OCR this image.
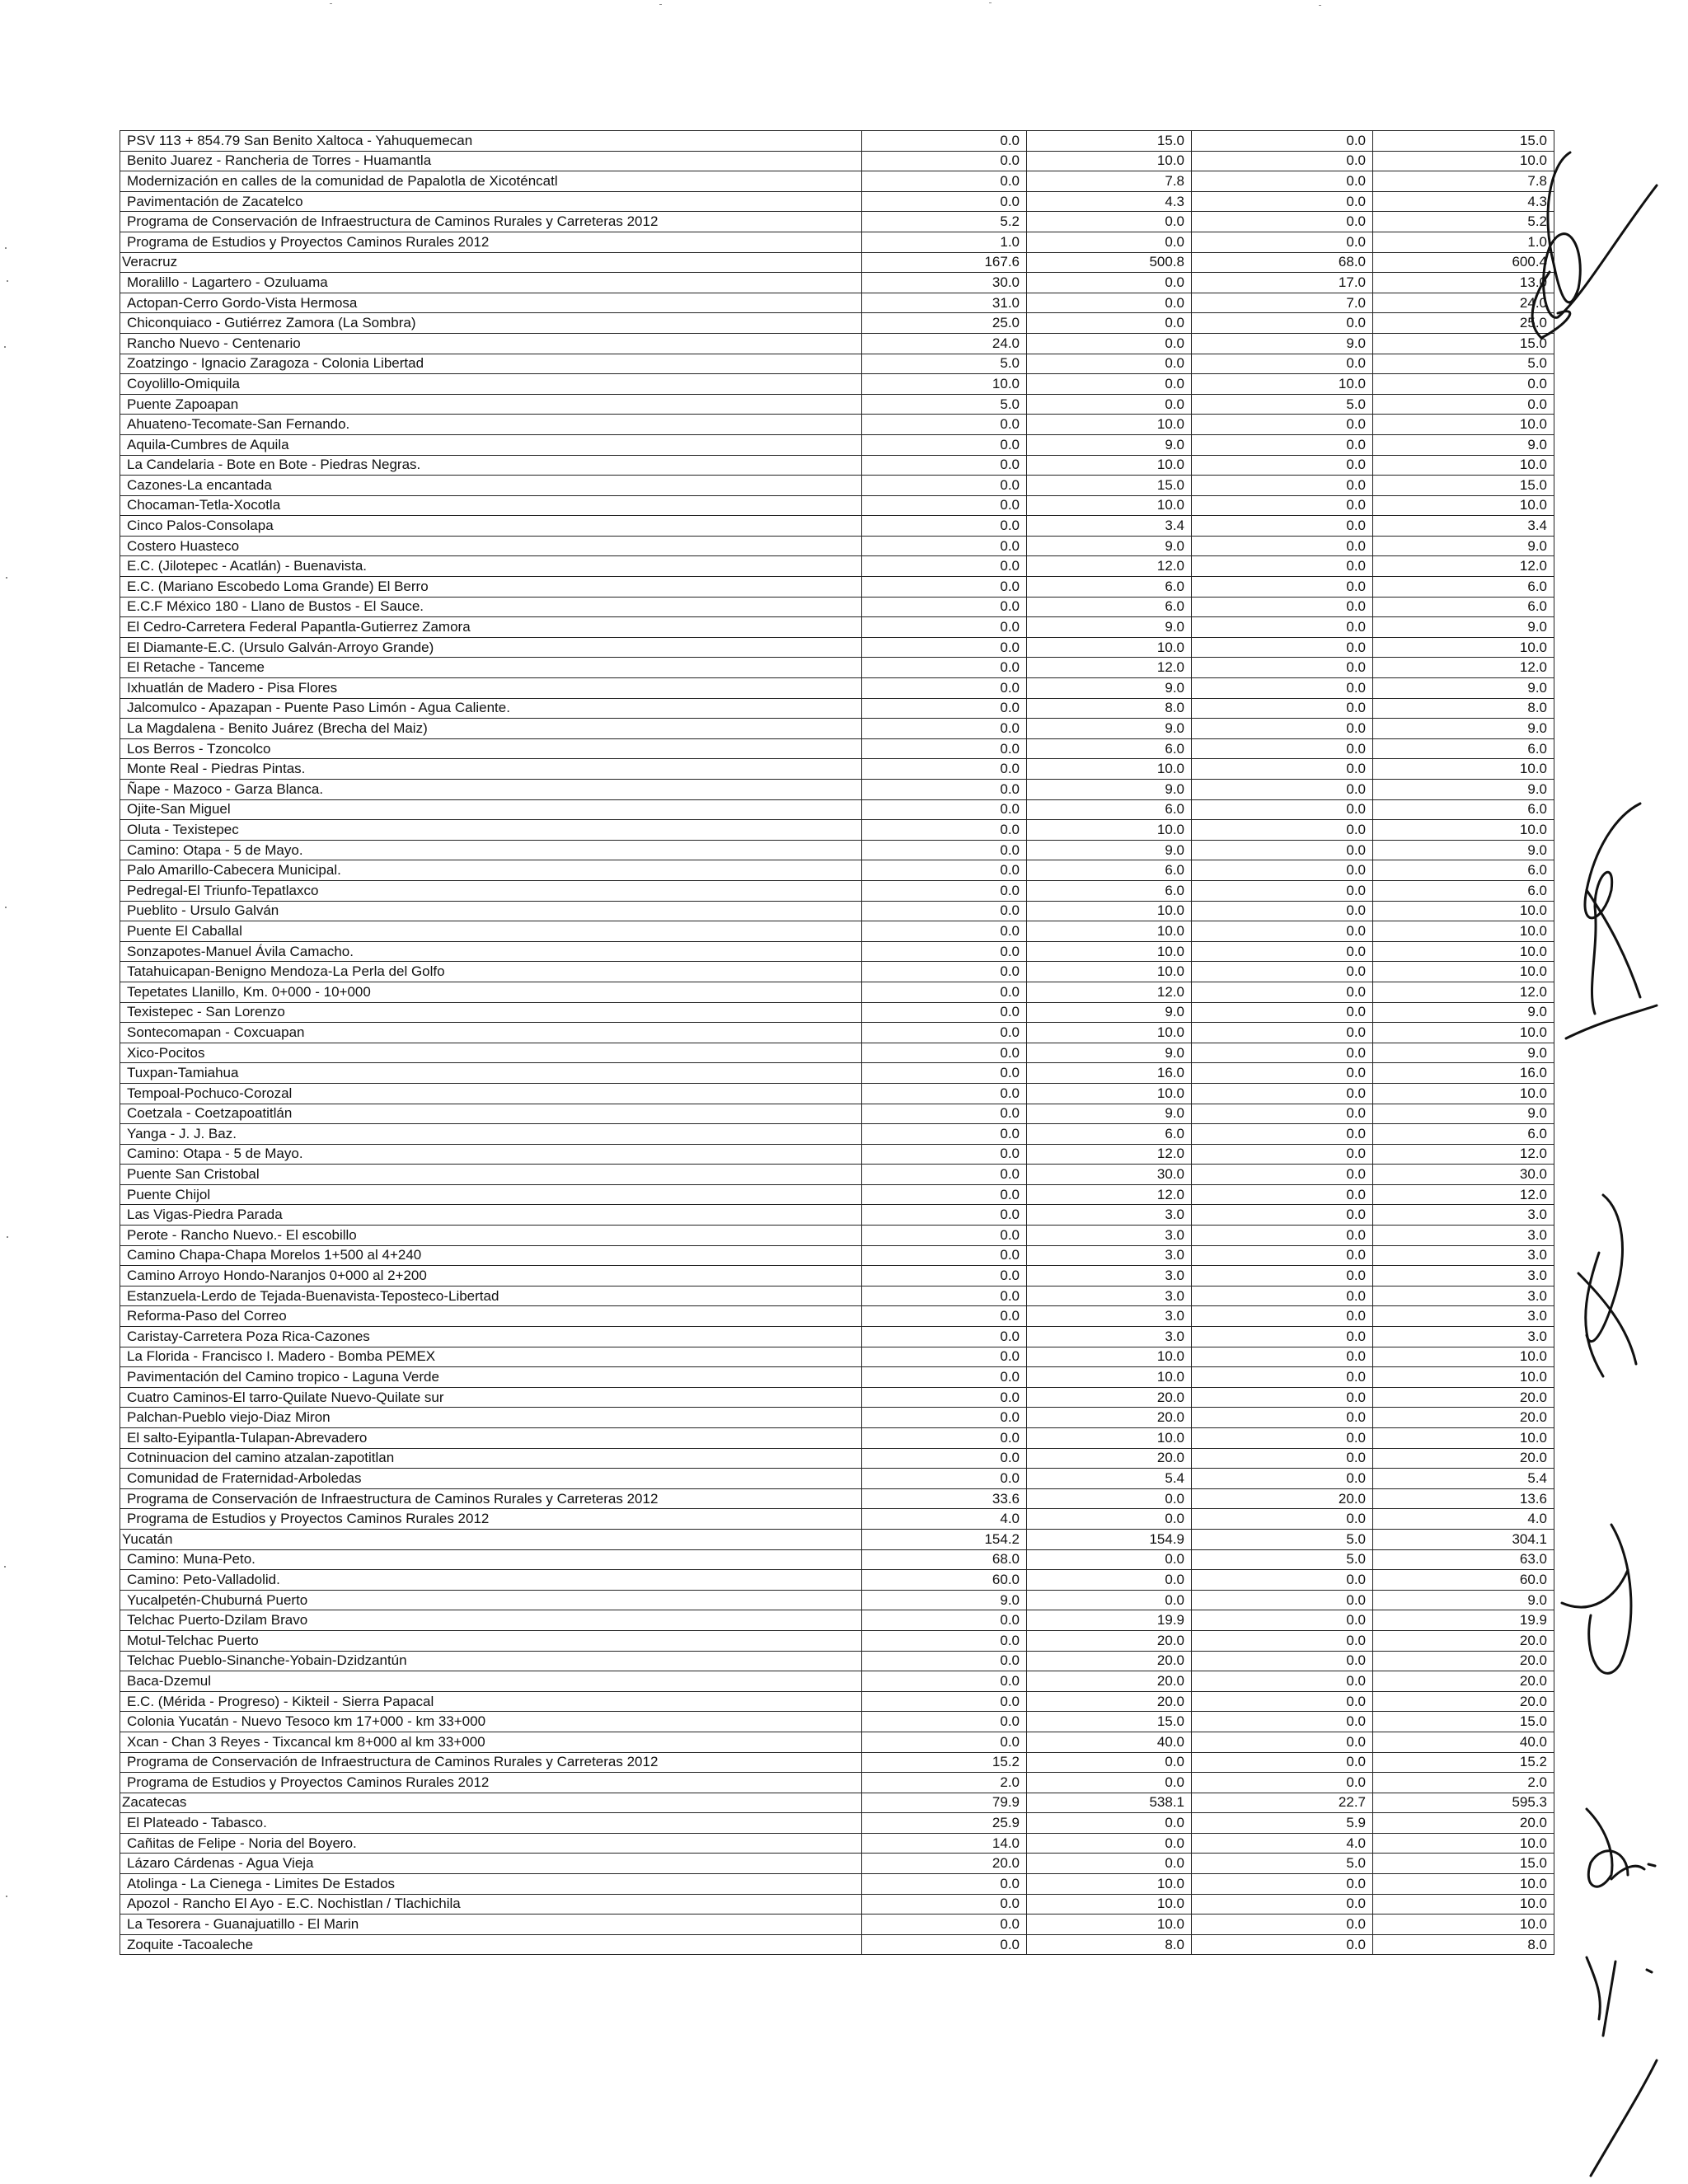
PSV 113 + 854.79 San Benito Xaltoca - Yahuquemecan	0.0	15.0	0.0	15.0
Benito Juarez - Rancheria de Torres - Huamantla	0.0	10.0	0.0	10.0
Modernización en calles de la comunidad de Papalotla de Xicoténcatl	0.0	7.8	0.0	7.8
Pavimentación de Zacatelco	0.0	4.3	0.0	4.3
Programa de Conservación de Infraestructura de Caminos Rurales y Carreteras 2012	5.2	0.0	0.0	5.2
Programa de Estudios y Proyectos Caminos Rurales 2012	1.0	0.0	0.0	1.0
Veracruz	167.6	500.8	68.0	600.4
Moralillo - Lagartero - Ozuluama	30.0	0.0	17.0	13.0
Actopan-Cerro Gordo-Vista Hermosa	31.0	0.0	7.0	24.0
Chiconquiaco - Gutiérrez Zamora (La Sombra)	25.0	0.0	0.0	25.0
Rancho Nuevo - Centenario	24.0	0.0	9.0	15.0
Zoatzingo - Ignacio Zaragoza - Colonia Libertad	5.0	0.0	0.0	5.0
Coyolillo-Omiquila	10.0	0.0	10.0	0.0
Puente Zapoapan	5.0	0.0	5.0	0.0
Ahuateno-Tecomate-San Fernando.	0.0	10.0	0.0	10.0
Aquila-Cumbres de Aquila	0.0	9.0	0.0	9.0
La Candelaria - Bote en Bote - Piedras Negras.	0.0	10.0	0.0	10.0
Cazones-La encantada	0.0	15.0	0.0	15.0
Chocaman-Tetla-Xocotla	0.0	10.0	0.0	10.0
Cinco Palos-Consolapa	0.0	3.4	0.0	3.4
Costero Huasteco	0.0	9.0	0.0	9.0
E.C. (Jilotepec - Acatlán) - Buenavista.	0.0	12.0	0.0	12.0
E.C. (Mariano Escobedo Loma Grande) El Berro	0.0	6.0	0.0	6.0
E.C.F México 180 - Llano de Bustos - El Sauce.	0.0	6.0	0.0	6.0
El Cedro-Carretera Federal Papantla-Gutierrez Zamora	0.0	9.0	0.0	9.0
El Diamante-E.C. (Ursulo Galván-Arroyo Grande)	0.0	10.0	0.0	10.0
El Retache - Tanceme	0.0	12.0	0.0	12.0
Ixhuatlán de Madero - Pisa Flores	0.0	9.0	0.0	9.0
Jalcomulco - Apazapan - Puente Paso Limón - Agua Caliente.	0.0	8.0	0.0	8.0
La Magdalena - Benito Juárez (Brecha del Maiz)	0.0	9.0	0.0	9.0
Los Berros - Tzoncolco	0.0	6.0	0.0	6.0
Monte Real - Piedras Pintas.	0.0	10.0	0.0	10.0
Ñape - Mazoco - Garza Blanca.	0.0	9.0	0.0	9.0
Ojite-San Miguel	0.0	6.0	0.0	6.0
Oluta - Texistepec	0.0	10.0	0.0	10.0
Camino: Otapa - 5 de Mayo.	0.0	9.0	0.0	9.0
Palo Amarillo-Cabecera Municipal.	0.0	6.0	0.0	6.0
Pedregal-El Triunfo-Tepatlaxco	0.0	6.0	0.0	6.0
Pueblito - Ursulo Galván	0.0	10.0	0.0	10.0
Puente El Caballal	0.0	10.0	0.0	10.0
Sonzapotes-Manuel Ávila Camacho.	0.0	10.0	0.0	10.0
Tatahuicapan-Benigno Mendoza-La Perla del Golfo	0.0	10.0	0.0	10.0
Tepetates Llanillo, Km. 0+000 - 10+000	0.0	12.0	0.0	12.0
Texistepec - San Lorenzo	0.0	9.0	0.0	9.0
Sontecomapan - Coxcuapan	0.0	10.0	0.0	10.0
Xico-Pocitos	0.0	9.0	0.0	9.0
Tuxpan-Tamiahua	0.0	16.0	0.0	16.0
Tempoal-Pochuco-Corozal	0.0	10.0	0.0	10.0
Coetzala - Coetzapoatitlán	0.0	9.0	0.0	9.0
Yanga - J. J. Baz.	0.0	6.0	0.0	6.0
Camino: Otapa - 5 de Mayo.	0.0	12.0	0.0	12.0
Puente San Cristobal	0.0	30.0	0.0	30.0
Puente Chijol	0.0	12.0	0.0	12.0
Las Vigas-Piedra Parada	0.0	3.0	0.0	3.0
Perote - Rancho Nuevo.- El escobillo	0.0	3.0	0.0	3.0
Camino Chapa-Chapa Morelos 1+500 al 4+240	0.0	3.0	0.0	3.0
Camino Arroyo Hondo-Naranjos 0+000 al 2+200	0.0	3.0	0.0	3.0
Estanzuela-Lerdo de Tejada-Buenavista-Teposteco-Libertad	0.0	3.0	0.0	3.0
Reforma-Paso del Correo	0.0	3.0	0.0	3.0
Caristay-Carretera Poza Rica-Cazones	0.0	3.0	0.0	3.0
La Florida - Francisco I. Madero - Bomba PEMEX	0.0	10.0	0.0	10.0
Pavimentación del Camino tropico - Laguna Verde	0.0	10.0	0.0	10.0
Cuatro Caminos-El tarro-Quilate Nuevo-Quilate sur	0.0	20.0	0.0	20.0
Palchan-Pueblo viejo-Diaz Miron	0.0	20.0	0.0	20.0
El salto-Eyipantla-Tulapan-Abrevadero	0.0	10.0	0.0	10.0
Cotninuacion del camino atzalan-zapotitlan	0.0	20.0	0.0	20.0
Comunidad de Fraternidad-Arboledas	0.0	5.4	0.0	5.4
Programa de Conservación de Infraestructura de Caminos Rurales y Carreteras 2012	33.6	0.0	20.0	13.6
Programa de Estudios y Proyectos Caminos Rurales 2012	4.0	0.0	0.0	4.0
Yucatán	154.2	154.9	5.0	304.1
Camino: Muna-Peto.	68.0	0.0	5.0	63.0
Camino: Peto-Valladolid.	60.0	0.0	0.0	60.0
Yucalpetén-Chuburná Puerto	9.0	0.0	0.0	9.0
Telchac Puerto-Dzilam Bravo	0.0	19.9	0.0	19.9
Motul-Telchac Puerto	0.0	20.0	0.0	20.0
Telchac Pueblo-Sinanche-Yobain-Dzidzantún	0.0	20.0	0.0	20.0
Baca-Dzemul	0.0	20.0	0.0	20.0
E.C. (Mérida - Progreso) - Kikteil - Sierra Papacal	0.0	20.0	0.0	20.0
Colonia Yucatán - Nuevo Tesoco km 17+000 - km 33+000	0.0	15.0	0.0	15.0
Xcan - Chan 3 Reyes - Tixcancal km 8+000 al km 33+000	0.0	40.0	0.0	40.0
Programa de Conservación de Infraestructura de Caminos Rurales y Carreteras 2012	15.2	0.0	0.0	15.2
Programa de Estudios y Proyectos Caminos Rurales 2012	2.0	0.0	0.0	2.0
Zacatecas	79.9	538.1	22.7	595.3
El Plateado - Tabasco.	25.9	0.0	5.9	20.0
Cañitas de Felipe - Noria del Boyero.	14.0	0.0	4.0	10.0
Lázaro Cárdenas - Agua Vieja	20.0	0.0	5.0	15.0
Atolinga - La Cienega - Limites De Estados	0.0	10.0	0.0	10.0
Apozol - Rancho El Ayo - E.C. Nochistlan / Tlachichila	0.0	10.0	0.0	10.0
La Tesorera - Guanajuatillo - El Marin	0.0	10.0	0.0	10.0
Zoquite -Tacoaleche	0.0	8.0	0.0	8.0
